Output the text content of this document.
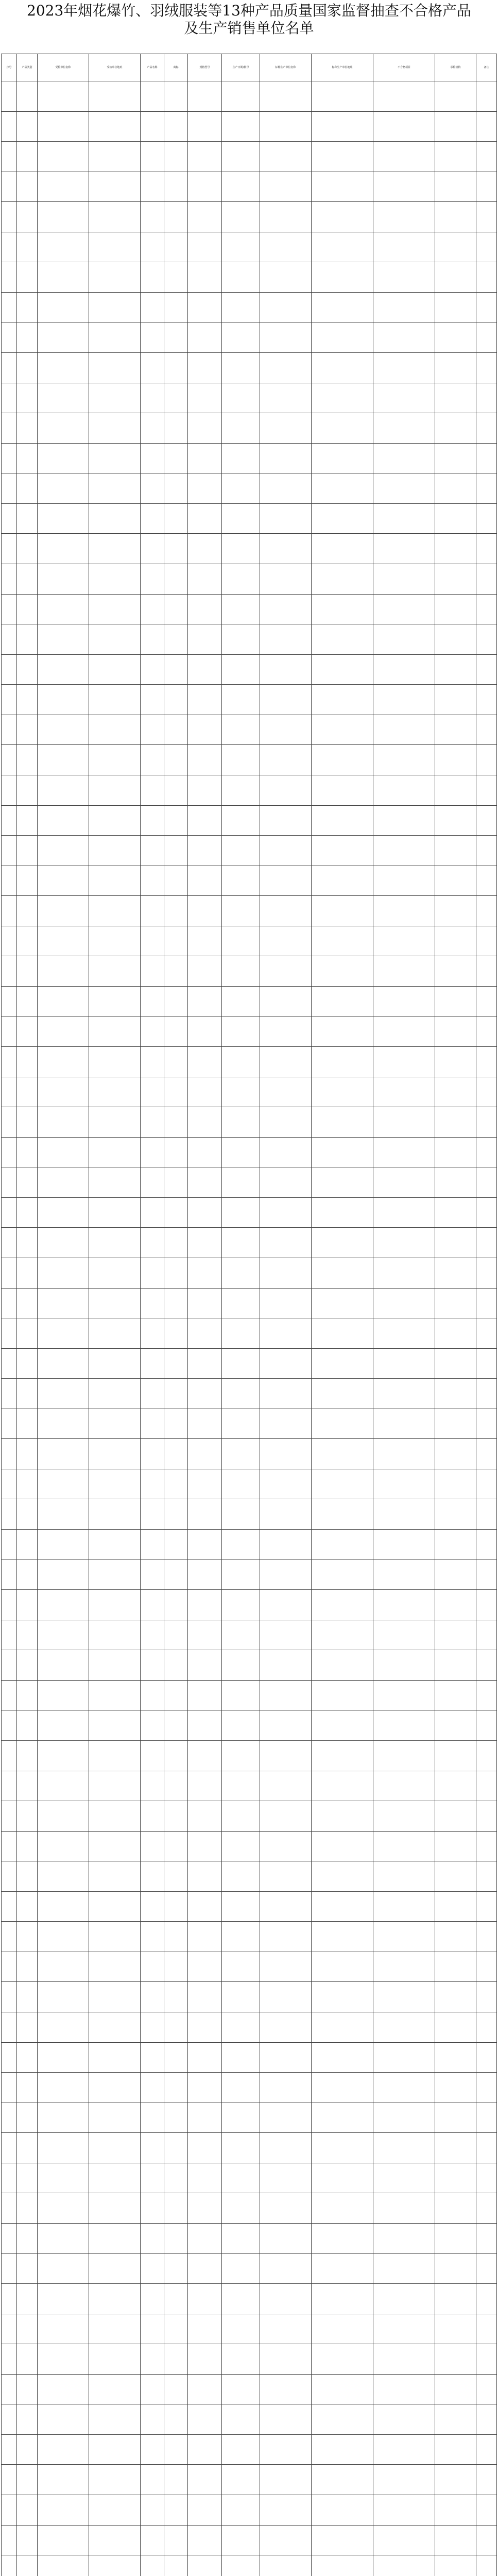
2023年烟花爆竹、羽绒服装等13种产品质量国家监督抽查不合格产品及生产销售单位名单
序号	产品类别	受检单位名称	受检单位地址	产品名称	商标	规格型号	生产日期/批号	标称生产单位名称	标称生产单位地址	不合格项目	承检机构	备注
